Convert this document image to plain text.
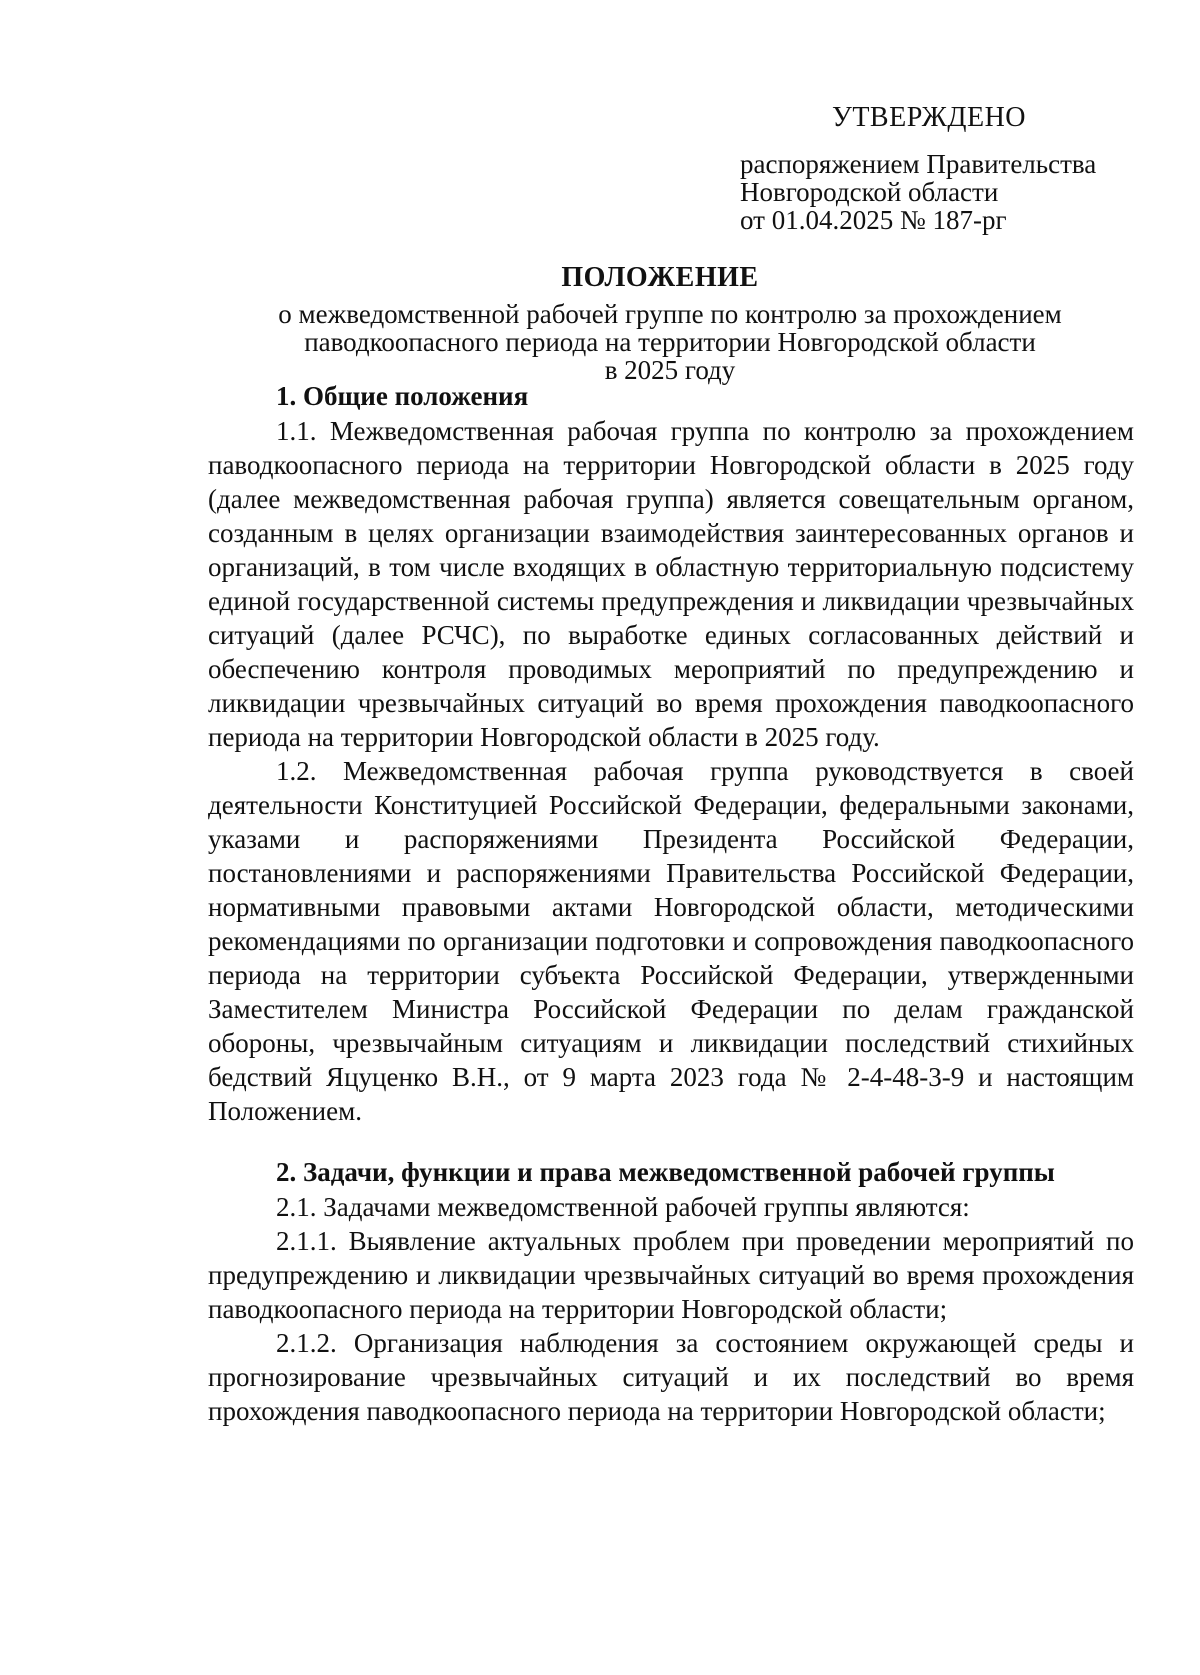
УТВЕРЖДЕНО
распоряжением Правительства
Новгородской области
от 01.04.2025 № 187-рг
ПОЛОЖЕНИЕ
о межведомственной рабочей группе по контролю за прохождением
паводкоопасного периода на территории Новгородской области
в 2025 году
1. Общие положения

1.1. Межведомственная рабочая группа по контролю за прохождением паводкоопасного периода на территории Новгородской области в 2025 году (далее межведомственная рабочая группа) является совещательным органом, созданным в целях организации взаимодействия заинтересованных органов и организаций, в том числе входящих в областную территориальную подсистему единой государственной системы предупреждения и ликвидации чрезвычайных ситуаций (далее РСЧС), по выработке единых согласованных действий и обеспечению контроля проводимых мероприятий по предупреждению и ликвидации чрезвычайных ситуаций во время прохождения паводкоопасного периода на территории Новгородской области в 2025 году.

1.2. Межведомственная рабочая группа руководствуется в своей деятельности Конституцией Российской Федерации, федеральными законами, указами и распоряжениями Президента Российской Федерации, постановлениями и распоряжениями Правительства Российской Федерации, нормативными правовыми актами Новгородской области, методическими рекомендациями по организации подготовки и сопровождения паводкоопасного периода на территории субъекта Российской Федерации, утвержденными Заместителем Министра Российской Федерации по делам гражданской обороны, чрезвычайным ситуациям и ликвидации последствий стихийных бедствий Яцуценко В.Н., от 9 марта 2023 года № 2-4-48-3-9 и настоящим Положением.

2. Задачи, функции и права межведомственной рабочей группы

2.1. Задачами межведомственной рабочей группы являются:

2.1.1. Выявление актуальных проблем при проведении мероприятий по предупреждению и ликвидации чрезвычайных ситуаций во время прохождения паводкоопасного периода на территории Новгородской области;

2.1.2. Организация наблюдения за состоянием окружающей среды и прогнозирование чрезвычайных ситуаций и их последствий во время прохождения паводкоопасного периода на территории Новгородской области;
